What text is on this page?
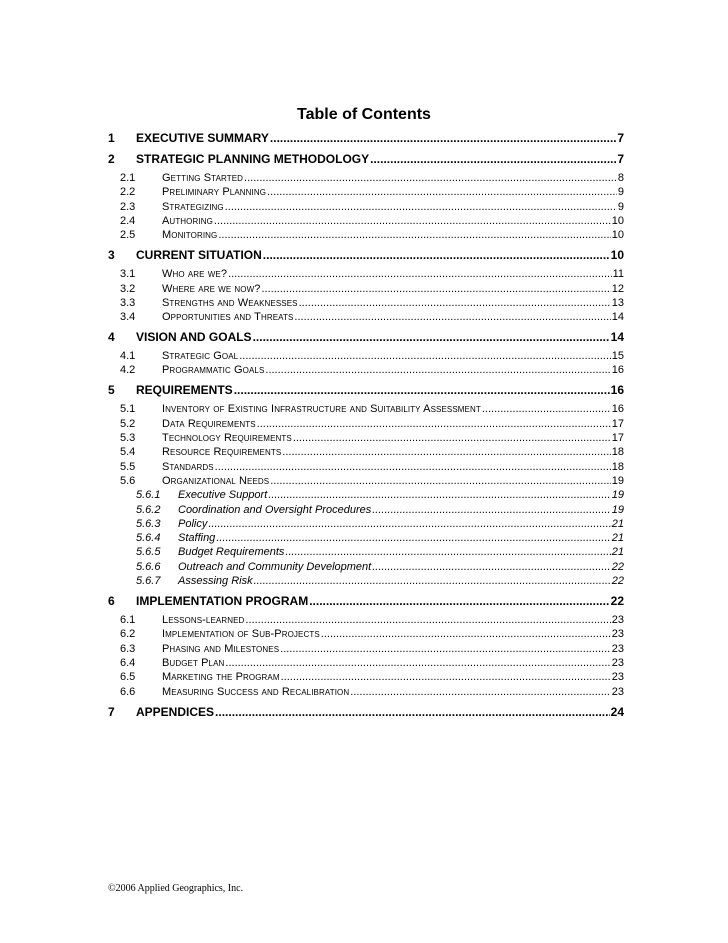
Table of Contents
1	EXECUTIVE SUMMARY .....	7
2	STRATEGIC PLANNING METHODOLOGY .....	7
2.1	Getting Started .....	8
2.2	Preliminary Planning .....	9
2.3	Strategizing .....	9
2.4	Authoring .....	10
2.5	Monitoring .....	10
3	CURRENT SITUATION .....	10
3.1	Who are we? .....	11
3.2	Where are we now? .....	12
3.3	Strengths and Weaknesses .....	13
3.4	Opportunities and Threats .....	14
4	VISION AND GOALS .....	14
4.1	Strategic Goal .....	15
4.2	Programmatic Goals .....	16
5	REQUIREMENTS .....	16
5.1	Inventory of Existing Infrastructure and Suitability Assessment .....	16
5.2	Data Requirements .....	17
5.3	Technology Requirements .....	17
5.4	Resource Requirements .....	18
5.5	Standards .....	18
5.6	Organizational Needs .....	19
5.6.1	Executive Support .....	19
5.6.2	Coordination and Oversight Procedures .....	19
5.6.3	Policy .....	21
5.6.4	Staffing .....	21
5.6.5	Budget Requirements .....	21
5.6.6	Outreach and Community Development .....	22
5.6.7	Assessing Risk .....	22
6	IMPLEMENTATION PROGRAM .....	22
6.1	Lessons-learned .....	23
6.2	Implementation of Sub-Projects .....	23
6.3	Phasing and Milestones .....	23
6.4	Budget Plan .....	23
6.5	Marketing the Program .....	23
6.6	Measuring Success and Recalibration .....	23
7	APPENDICES .....	24
©2006 Applied Geographics, Inc.
